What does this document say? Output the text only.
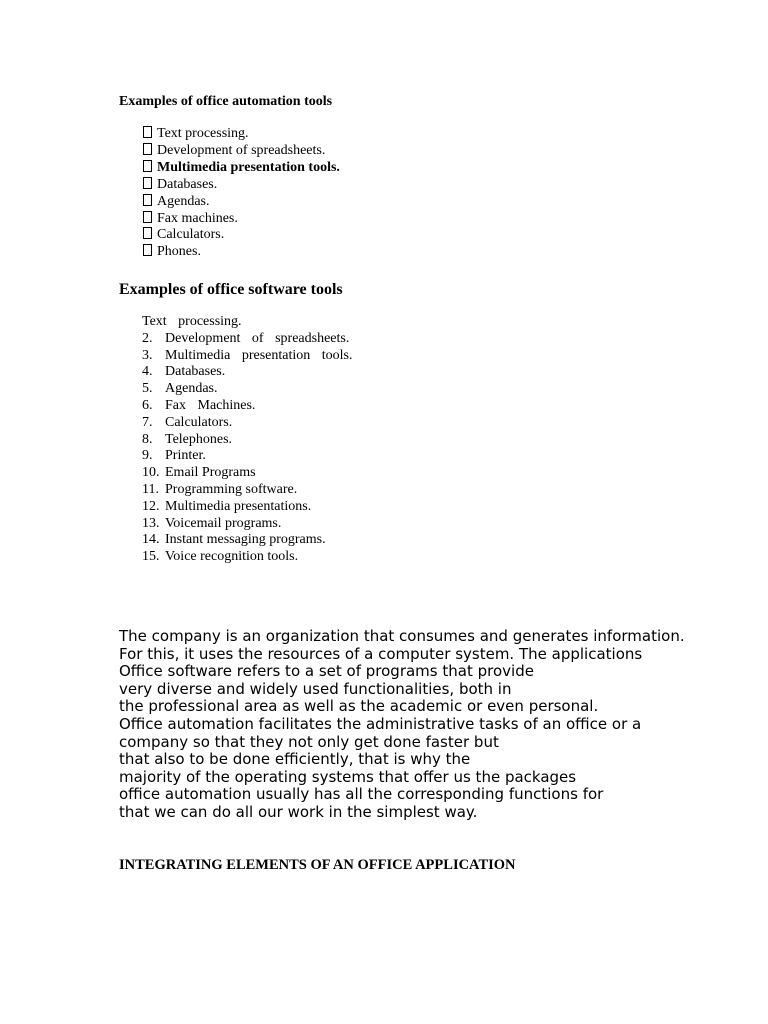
Examples of office automation tools
Text processing.
Development of spreadsheets.
Multimedia presentation tools.
Databases.
Agendas.
Fax machines.
Calculators.
Phones.
Examples of office software tools
Text processing.
2. Development of spreadsheets.
3. Multimedia presentation tools.
4. Databases.
5. Agendas.
6. Fax Machines.
7. Calculators.
8. Telephones.
9. Printer.
10. Email Programs
11. Programming software.
12. Multimedia presentations.
13. Voicemail programs.
14. Instant messaging programs.
15. Voice recognition tools.
The company is an organization that consumes and generates information.
For this, it uses the resources of a computer system. The applications
Office software refers to a set of programs that provide
very diverse and widely used functionalities, both in
the professional area as well as the academic or even personal.
Office automation facilitates the administrative tasks of an office or a
company so that they not only get done faster but
that also to be done efficiently, that is why the
majority of the operating systems that offer us the packages
office automation usually has all the corresponding functions for
that we can do all our work in the simplest way.
INTEGRATING ELEMENTS OF AN OFFICE APPLICATION
